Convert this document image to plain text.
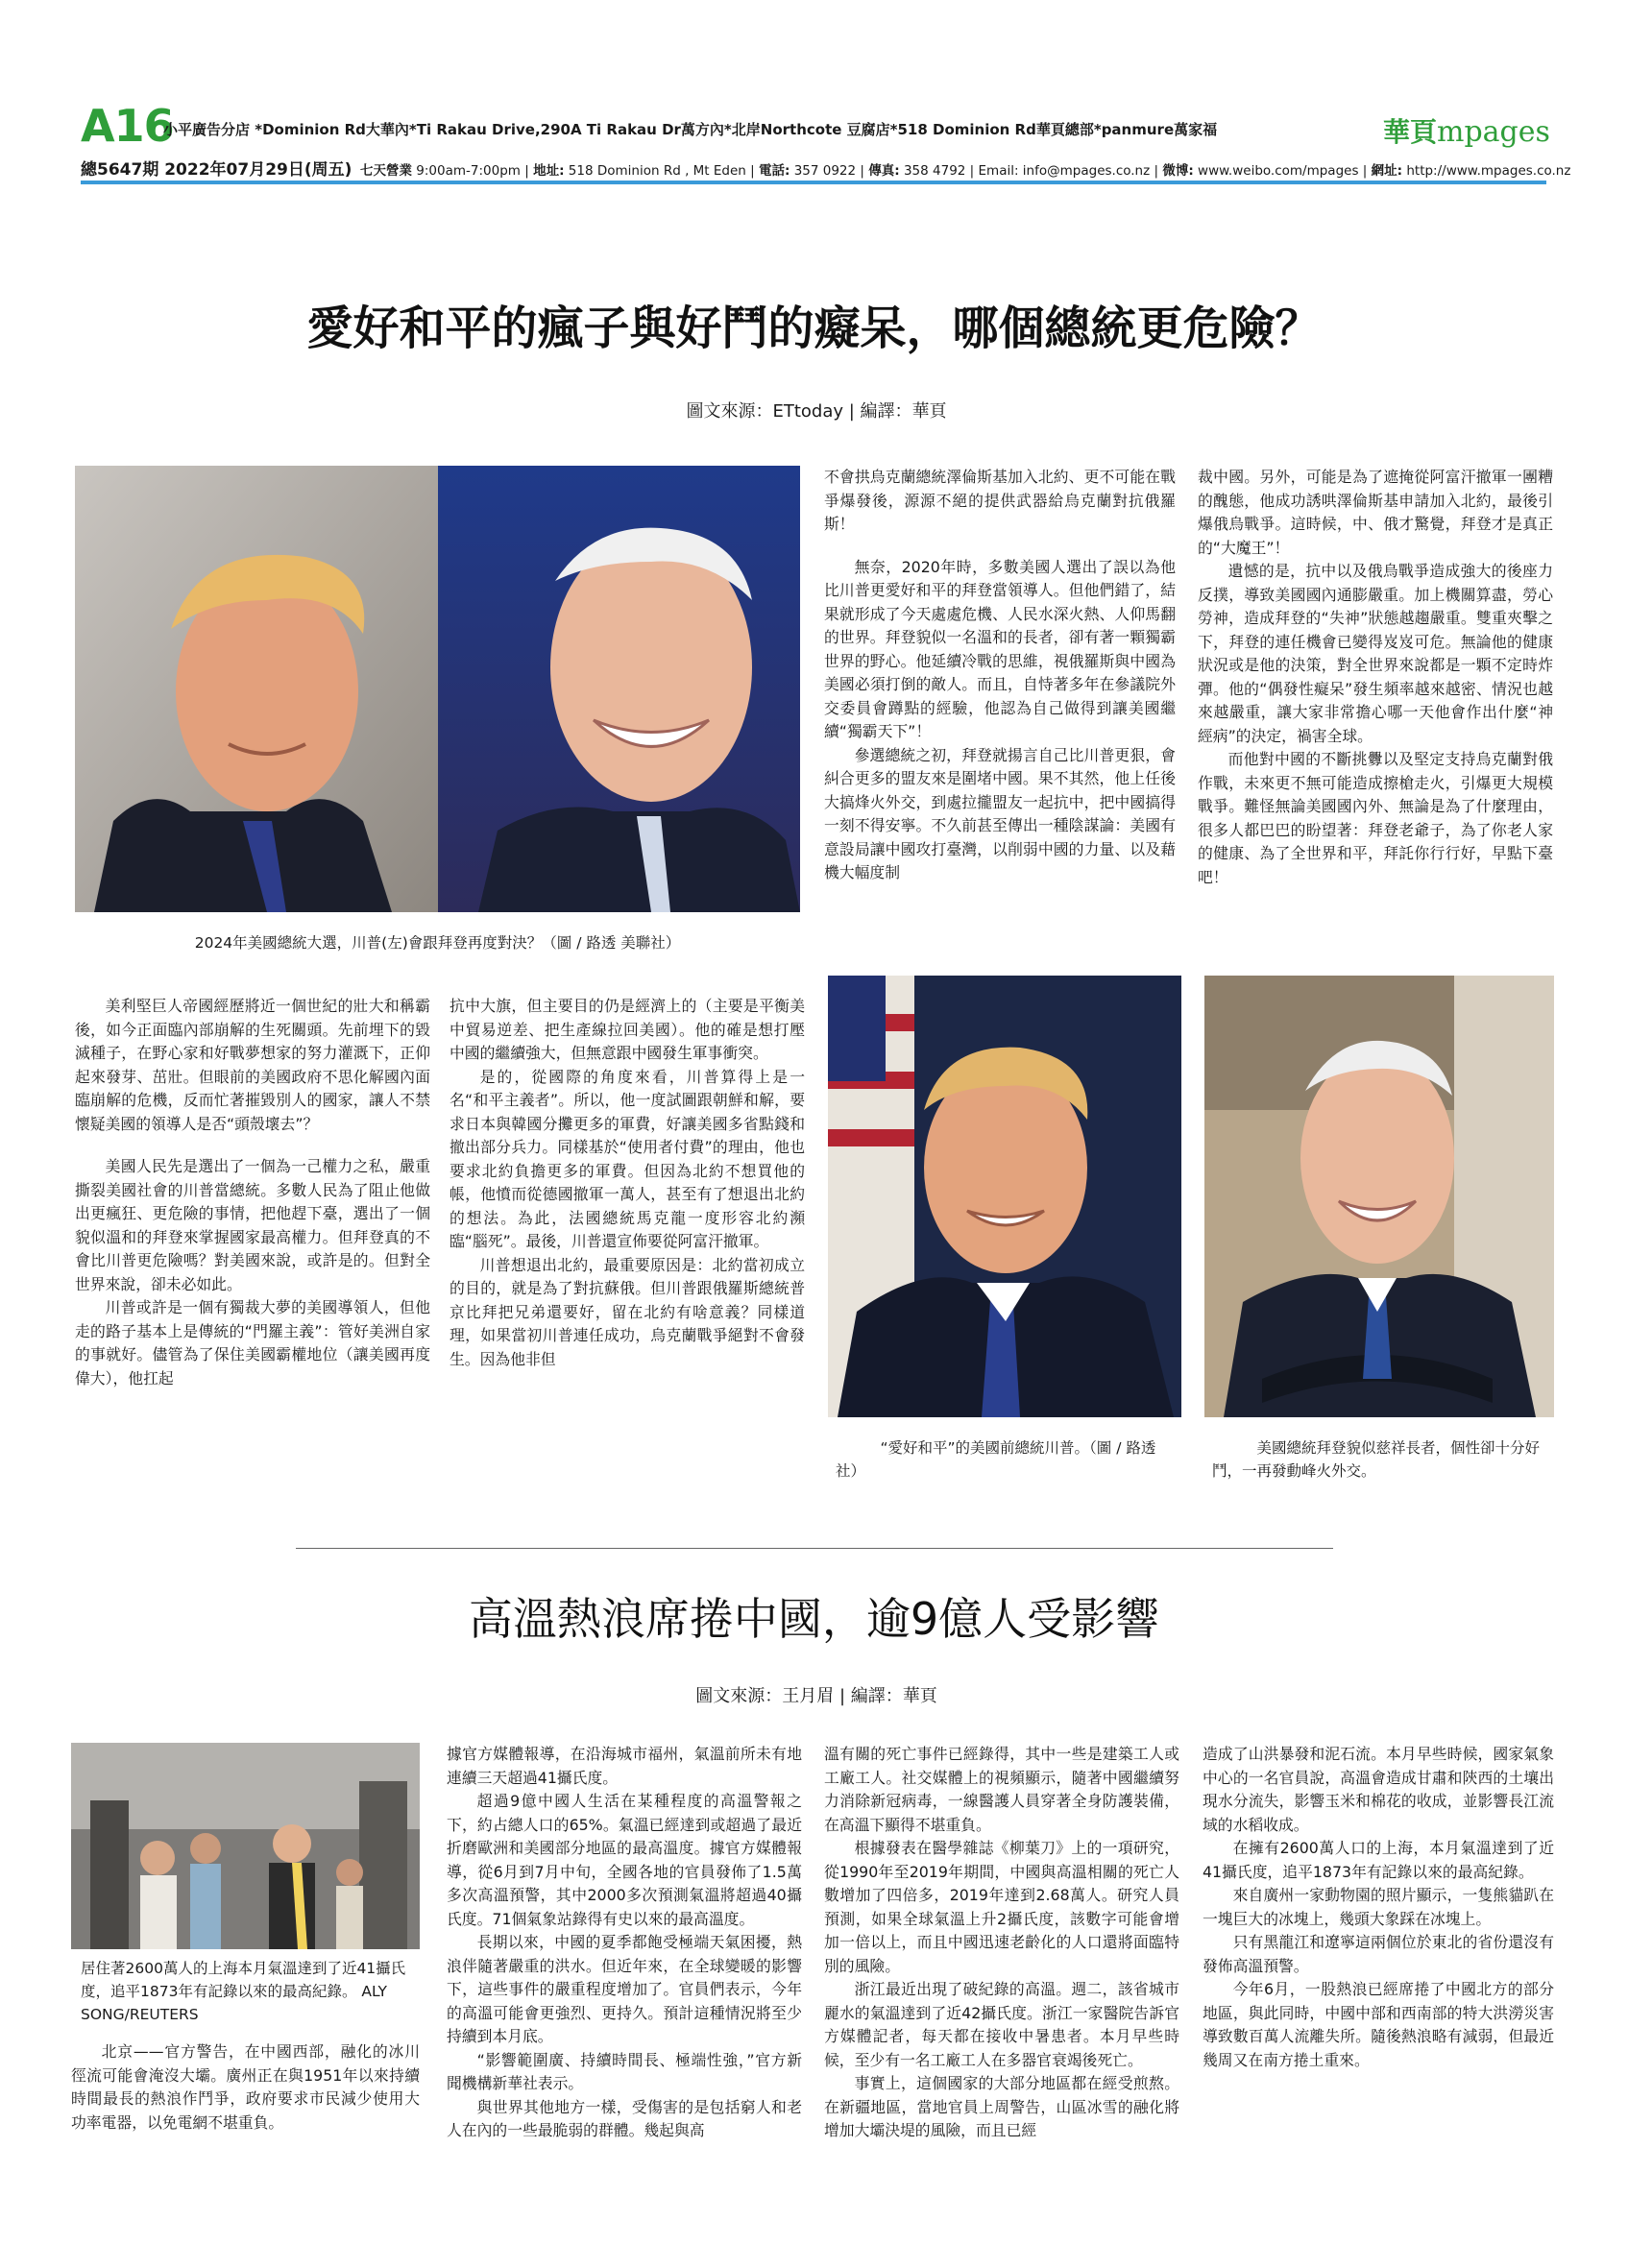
A16
小平廣告分店 *Dominion Rd大華內*Ti Rakau Drive,290A Ti Rakau Dr萬方內*北岸Northcote 豆腐店*518 Dominion Rd華頁總部*panmure萬家福	華頁mpages
總5647期 2022年07月29日(周五) 七天營業 9:00am-7:00pm | 地址: 518 Dominion Rd , Mt Eden | 電話: 357 0922 | 傳真: 358 4792 | Email: info@mpages.co.nz | 微博: www.weibo.com/mpages | 網址: http://www.mpages.co.nz
愛好和平的瘋子與好鬥的癡呆，哪個總統更危險？
圖文來源：ETtoday | 編譯：華頁
2024年美國總統大選，川普(左)會跟拜登再度對決？（圖 / 路透 美聯社）

不會拱烏克蘭總統澤倫斯基加入北約、更不可能在戰爭爆發後，源源不絕的提供武器給烏克蘭對抗俄羅斯！

無奈，2020年時，多數美國人選出了誤以為他比川普更愛好和平的拜登當領導人。但他們錯了，結果就形成了今天處處危機、人民水深火熱、人仰馬翻的世界。拜登貌似一名溫和的長者，卻有著一顆獨霸世界的野心。他延續冷戰的思維，視俄羅斯與中國為美國必須打倒的敵人。而且，自恃著多年在參議院外交委員會蹲點的經驗，他認為自己做得到讓美國繼續“獨霸天下”！

參選總統之初，拜登就揚言自己比川普更狠，會糾合更多的盟友來是圍堵中國。果不其然，他上任後大搞烽火外交，到處拉攏盟友一起抗中，把中國搞得一刻不得安寧。不久前甚至傳出一種陰謀論：美國有意設局讓中國攻打臺灣，以削弱中國的力量、以及藉機大幅度制

裁中國。另外，可能是為了遮掩從阿富汗撤軍一團糟的醜態，他成功誘哄澤倫斯基申請加入北約，最後引爆俄烏戰爭。這時候，中、俄才驚覺，拜登才是真正的“大魔王”！

遺憾的是，抗中以及俄烏戰爭造成強大的後座力反撲，導致美國國內通膨嚴重。加上機關算盡，勞心勞神，造成拜登的“失神”狀態越趨嚴重。雙重夾擊之下，拜登的連任機會已變得岌岌可危。無論他的健康狀況或是他的決策，對全世界來說都是一顆不定時炸彈。他的“偶發性癡呆”發生頻率越來越密、情況也越來越嚴重，讓大家非常擔心哪一天他會作出什麼“神經病”的決定，禍害全球。

而他對中國的不斷挑釁以及堅定支持烏克蘭對俄作戰，未來更不無可能造成擦槍走火，引爆更大規模戰爭。難怪無論美國國內外、無論是為了什麼理由，很多人都巴巴的盼望著：拜登老爺子，為了你老人家的健康、為了全世界和平，拜託你行行好，早點下臺吧！

美利堅巨人帝國經歷將近一個世紀的壯大和稱霸後，如今正面臨內部崩解的生死關頭。先前埋下的毀滅種子，在野心家和好戰夢想家的努力灌溉下，正仰起來發芽、茁壯。但眼前的美國政府不思化解國內面臨崩解的危機，反而忙著摧毀別人的國家，讓人不禁懷疑美國的領導人是否“頭殼壞去”？

美國人民先是選出了一個為一己權力之私，嚴重撕裂美國社會的川普當總統。多數人民為了阻止他做出更瘋狂、更危險的事情，把他趕下臺，選出了一個貌似溫和的拜登來掌握國家最高權力。但拜登真的不會比川普更危險嗎？對美國來說，或許是的。但對全世界來說，卻未必如此。

川普或許是一個有獨裁大夢的美國導領人，但他走的路子基本上是傳統的“門羅主義”：管好美洲自家的事就好。儘管為了保住美國霸權地位（讓美國再度偉大），他扛起

抗中大旗，但主要目的仍是經濟上的（主要是平衡美中貿易逆差、把生產線拉回美國）。他的確是想打壓中國的繼續強大，但無意跟中國發生軍事衝突。

是的，從國際的角度來看，川普算得上是一名“和平主義者”。所以，他一度試圖跟朝鮮和解，要求日本與韓國分攤更多的軍費，好讓美國多省點錢和撤出部分兵力。同樣基於“使用者付費”的理由，他也要求北約負擔更多的軍費。但因為北約不想買他的帳，他憤而從德國撤軍一萬人，甚至有了想退出北約的想法。為此，法國總統馬克龍一度形容北約瀕臨“腦死”。最後，川普還宣佈要從阿富汗撤軍。

川普想退出北約，最重要原因是：北約當初成立的目的，就是為了對抗蘇俄。但川普跟俄羅斯總統普京比拜把兄弟還要好，留在北約有啥意義？同樣道理，如果當初川普連任成功，烏克蘭戰爭絕對不會發生。因為他非但

“愛好和平”的美國前總統川普。（圖 / 路透社）
美國總統拜登貌似慈祥長者，個性卻十分好鬥，一再發動峰火外交。
高溫熱浪席捲中國，逾9億人受影響
圖文來源：王月眉 | 編譯：華頁
居住著2600萬人的上海本月氣溫達到了近41攝氏度，追平1873年有記錄以來的最高紀錄。 ALY SONG/REUTERS

北京——官方警告，在中國西部，融化的冰川徑流可能會淹沒大壩。廣州正在與1951年以來持續時間最長的熱浪作鬥爭，政府要求市民減少使用大功率電器，以免電網不堪重負。

據官方媒體報導，在沿海城市福州，氣溫前所未有地連續三天超過41攝氏度。

超過9億中國人生活在某種程度的高溫警報之下，約占總人口的65%。氣溫已經達到或超過了最近折磨歐洲和美國部分地區的最高溫度。據官方媒體報導，從6月到7月中旬，全國各地的官員發佈了1.5萬多次高溫預警，其中2000多次預測氣溫將超過40攝氏度。71個氣象站錄得有史以來的最高溫度。

長期以來，中國的夏季都飽受極端天氣困擾，熱浪伴隨著嚴重的洪水。但近年來，在全球變暖的影響下，這些事件的嚴重程度增加了。官員們表示，今年的高溫可能會更強烈、更持久。預計這種情況將至少持續到本月底。

“影響範圍廣、持續時間長、極端性強，”官方新聞機構新華社表示。

與世界其他地方一樣，受傷害的是包括窮人和老人在內的一些最脆弱的群體。幾起與高

溫有關的死亡事件已經錄得，其中一些是建築工人或工廠工人。社交媒體上的視頻顯示，隨著中國繼續努力消除新冠病毒，一線醫護人員穿著全身防護裝備，在高溫下顯得不堪重負。

根據發表在醫學雜誌《柳葉刀》上的一項研究，從1990年至2019年期間，中國與高溫相關的死亡人數增加了四倍多，2019年達到2.68萬人。研究人員預測，如果全球氣溫上升2攝氏度，該數字可能會增加一倍以上，而且中國迅速老齡化的人口還將面臨特別的風險。

浙江最近出現了破紀錄的高溫。週二，該省城市麗水的氣溫達到了近42攝氏度。浙江一家醫院告訴官方媒體記者，每天都在接收中暑患者。本月早些時候，至少有一名工廠工人在多器官衰竭後死亡。

事實上，這個國家的大部分地區都在經受煎熬。在新疆地區，當地官員上周警告，山區冰雪的融化將增加大壩決堤的風險，而且已經

造成了山洪暴發和泥石流。本月早些時候，國家氣象中心的一名官員說，高溫會造成甘肅和陝西的土壤出現水分流失，影響玉米和棉花的收成，並影響長江流域的水稻收成。

在擁有2600萬人口的上海，本月氣溫達到了近41攝氏度，追平1873年有記錄以來的最高紀錄。

來自廣州一家動物園的照片顯示，一隻熊貓趴在一塊巨大的冰塊上，幾頭大象踩在冰塊上。

只有黑龍江和遼寧這兩個位於東北的省份還沒有發佈高溫預警。

今年6月，一股熱浪已經席捲了中國北方的部分地區，與此同時，中國中部和西南部的特大洪澇災害導致數百萬人流離失所。隨後熱浪略有減弱，但最近幾周又在南方捲土重來。
